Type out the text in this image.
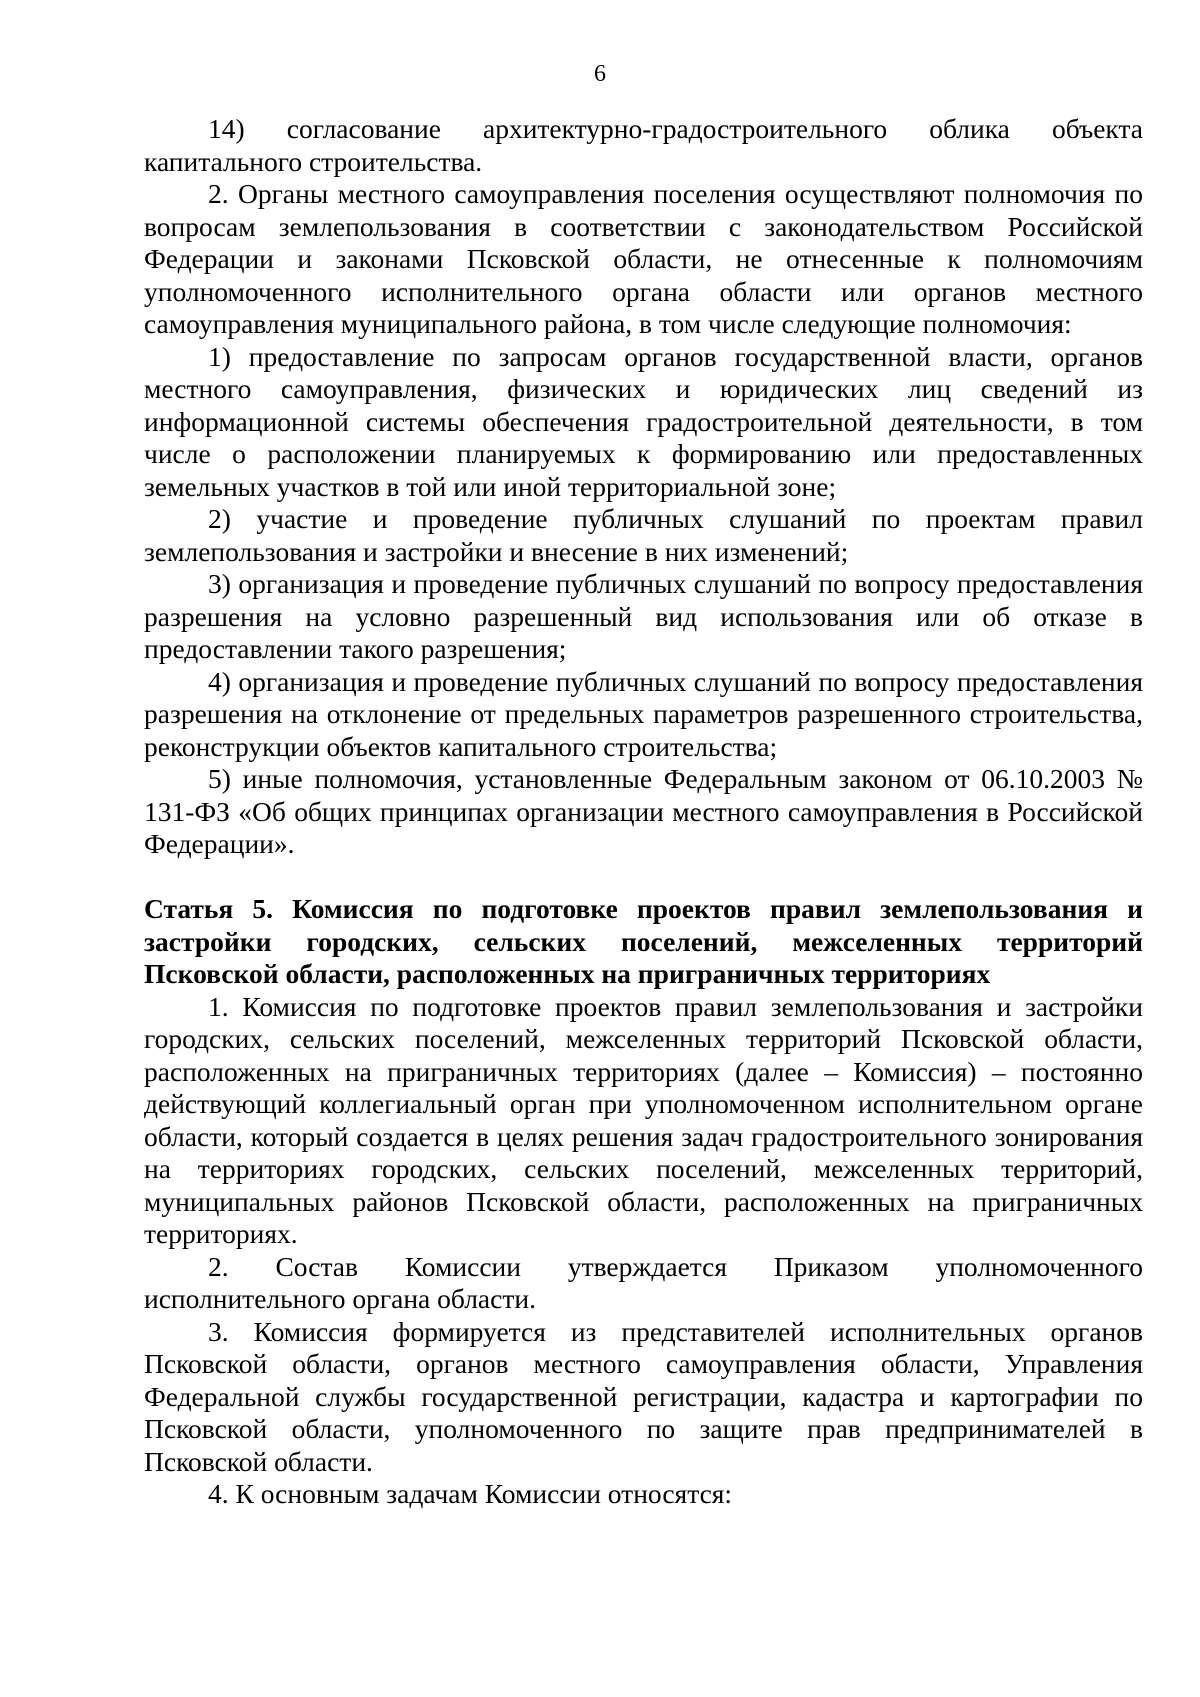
6

14) согласование архитектурно-градостроительного облика объекта капитального строительства.

2. Органы местного самоуправления поселения осуществляют полномочия по вопросам землепользования в соответствии с законодательством Российской Федерации и законами Псковской области, не отнесенные к полномочиям уполномоченного исполнительного органа области или органов местного самоуправления муниципального района, в том числе следующие полномочия:

1) предоставление по запросам органов государственной власти, органов местного самоуправления, физических и юридических лиц сведений из информационной системы обеспечения градостроительной деятельности, в том числе о расположении планируемых к формированию или предоставленных земельных участков в той или иной территориальной зоне;

2) участие и проведение публичных слушаний по проектам правил землепользования и застройки и внесение в них изменений;

3) организация и проведение публичных слушаний по вопросу предоставления разрешения на условно разрешенный вид использования или об отказе в предоставлении такого разрешения;

4) организация и проведение публичных слушаний по вопросу предоставления разрешения на отклонение от предельных параметров разрешенного строительства, реконструкции объектов капитального строительства;

5) иные полномочия, установленные Федеральным законом от 06.10.2003 № 131-ФЗ «Об общих принципах организации местного самоуправления в Российской Федерации».

Статья 5. Комиссия по подготовке проектов правил землепользования и застройки городских, сельских поселений, межселенных территорий Псковской области, расположенных на приграничных территориях

1. Комиссия по подготовке проектов правил землепользования и застройки городских, сельских поселений, межселенных территорий Псковской области, расположенных на приграничных территориях (далее – Комиссия) – постоянно действующий коллегиальный орган при уполномоченном исполнительном органе области, который создается в целях решения задач градостроительного зонирования на территориях городских, сельских поселений, межселенных территорий, муниципальных районов Псковской области, расположенных на приграничных территориях.

2. Состав Комиссии утверждается Приказом уполномоченного исполнительного органа области.

3. Комиссия формируется из представителей исполнительных органов Псковской области, органов местного самоуправления области, Управления Федеральной службы государственной регистрации, кадастра и картографии по Псковской области, уполномоченного по защите прав предпринимателей в Псковской области.

4. К основным задачам Комиссии относятся:
